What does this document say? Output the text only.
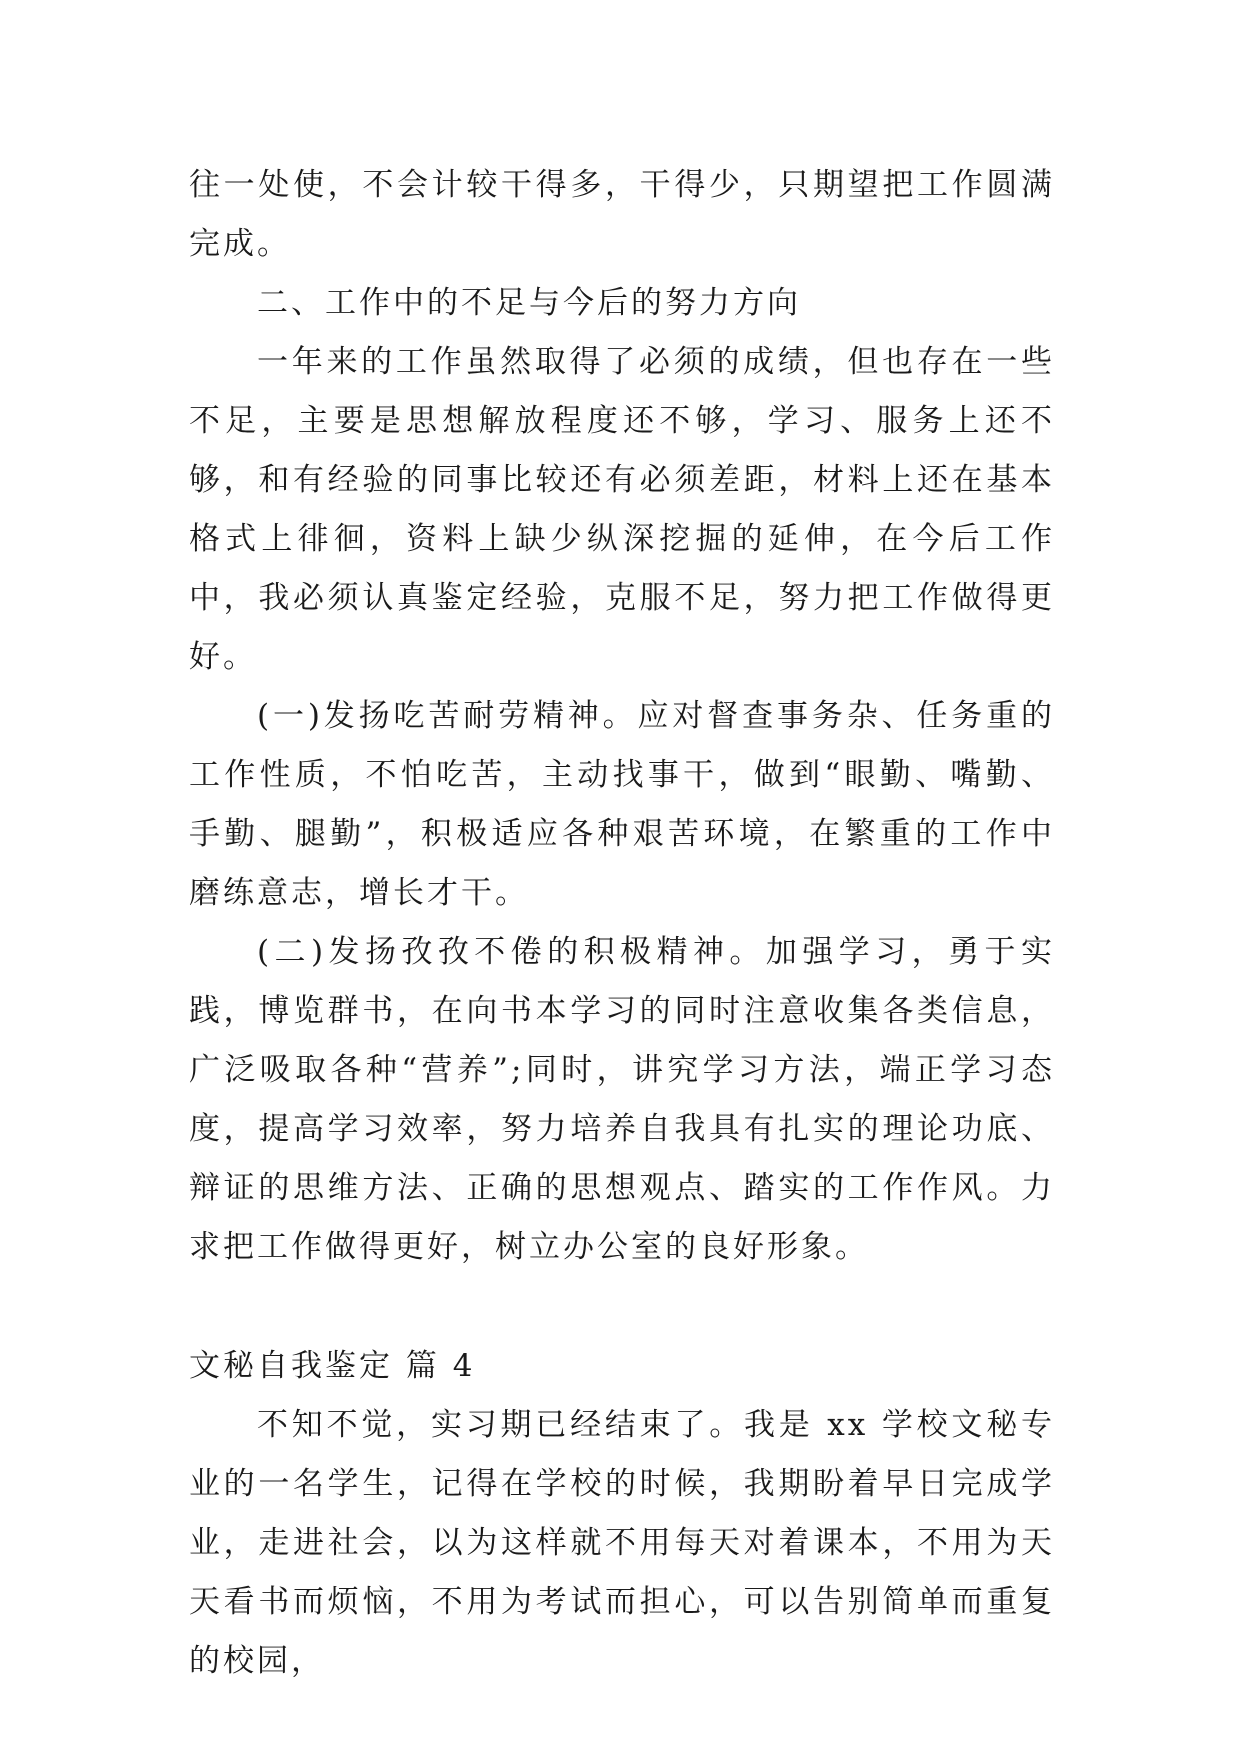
往一处使，不会计较干得多，干得少，只期望把工作圆满完成。

二、工作中的不足与今后的努力方向

一年来的工作虽然取得了必须的成绩，但也存在一些不足，主要是思想解放程度还不够，学习、服务上还不够，和有经验的同事比较还有必须差距，材料上还在基本格式上徘徊，资料上缺少纵深挖掘的延伸，在今后工作中，我必须认真鉴定经验，克服不足，努力把工作做得更好。

(一)发扬吃苦耐劳精神。应对督查事务杂、任务重的工作性质，不怕吃苦，主动找事干，做到“眼勤、嘴勤、手勤、腿勤”，积极适应各种艰苦环境，在繁重的工作中磨练意志，增长才干。

(二)发扬孜孜不倦的积极精神。加强学习，勇于实践，博览群书，在向书本学习的同时注意收集各类信息，广泛吸取各种“营养”;同时，讲究学习方法，端正学习态度，提高学习效率，努力培养自我具有扎实的理论功底、辩证的思维方法、正确的思想观点、踏实的工作作风。力求把工作做得更好，树立办公室的良好形象。

文秘自我鉴定 篇 4

不知不觉，实习期已经结束了。我是 xx 学校文秘专业的一名学生，记得在学校的时候，我期盼着早日完成学业，走进社会，以为这样就不用每天对着课本，不用为天天看书而烦恼，不用为考试而担心，可以告别简单而重复的校园，
